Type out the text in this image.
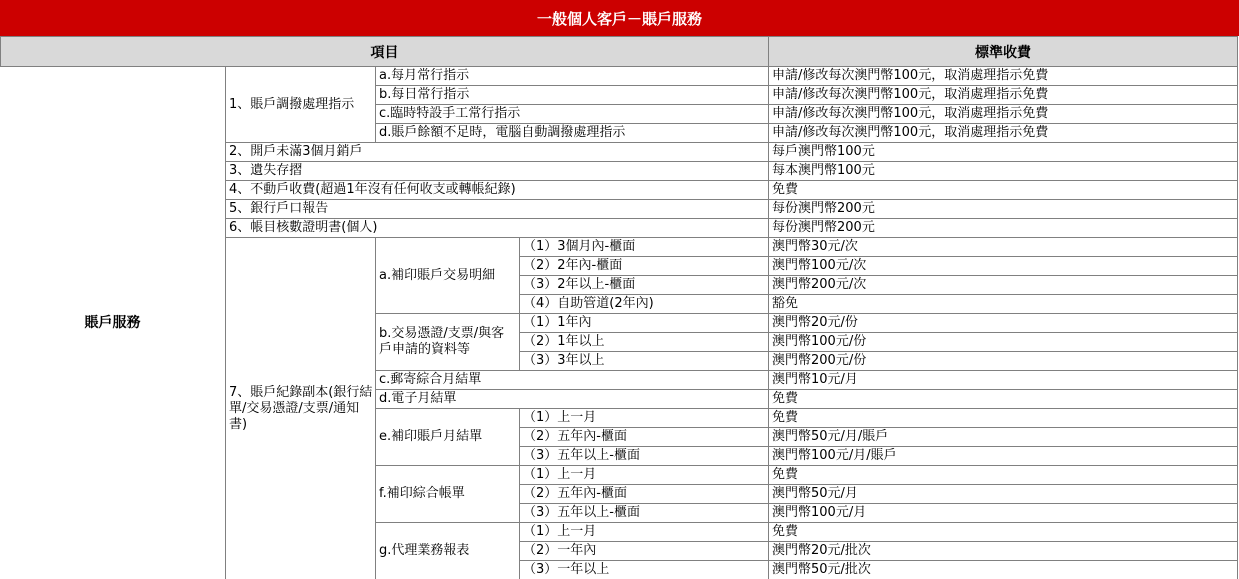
一般個人客戶－賬戶服務
項目	標準收費
賬戶服務
1、賬戶調撥處理指示
a.每月常行指示	申請/修改每次澳門幣100元，取消處理指示免費
b.每日常行指示	申請/修改每次澳門幣100元，取消處理指示免費
c.臨時特設手工常行指示	申請/修改每次澳門幣100元，取消處理指示免費
d.賬戶餘額不足時，電腦自動調撥處理指示	申請/修改每次澳門幣100元，取消處理指示免費
2、開戶未滿3個月銷戶	每戶澳門幣100元
3、遺失存摺	每本澳門幣100元
4、不動戶收費(超過1年沒有任何收支或轉帳紀錄)	免費
5、銀行戶口報告	每份澳門幣200元
6、帳目核數證明書(個人)	每份澳門幣200元
7、賬戶紀錄副本(銀行結單/交易憑證/支票/通知書)
a.補印賬戶交易明細
（1）3個月內-櫃面	澳門幣30元/次
（2）2年內-櫃面	澳門幣100元/次
（3）2年以上-櫃面	澳門幣200元/次
（4）自助管道(2年內)	豁免
b.交易憑證/支票/與客戶申請的資料等
（1）1年內	澳門幣20元/份
（2）1年以上	澳門幣100元/份
（3）3年以上	澳門幣200元/份
c.郵寄綜合月結單	澳門幣10元/月
d.電子月結單	免費
e.補印賬戶月結單
（1）上一月	免費
（2）五年內-櫃面	澳門幣50元/月/賬戶
（3）五年以上-櫃面	澳門幣100元/月/賬戶
f.補印綜合帳單
（1）上一月	免費
（2）五年內-櫃面	澳門幣50元/月
（3）五年以上-櫃面	澳門幣100元/月
g.代理業務報表
（1）上一月	免費
（2）一年內	澳門幣20元/批次
（3）一年以上	澳門幣50元/批次
